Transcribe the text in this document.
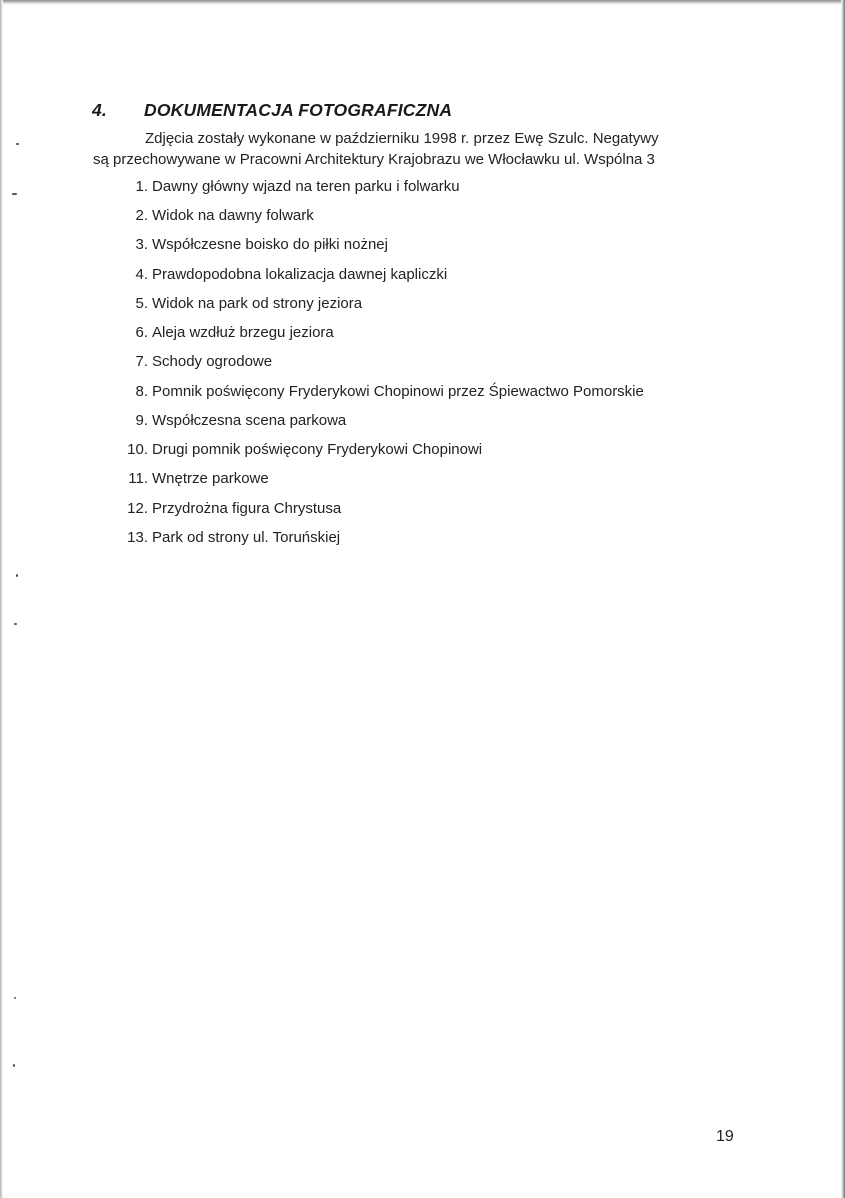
4. DOKUMENTACJA FOTOGRAFICZNA
Zdjęcia zostały wykonane w październiku 1998 r. przez Ewę Szulc. Negatywy
są przechowywane w Pracowni Architektury Krajobrazu we Włocławku ul. Wspólna 3
1. Dawny główny wjazd na teren parku i folwarku
2. Widok na dawny folwark
3. Współczesne boisko do piłki nożnej
4. Prawdopodobna lokalizacja dawnej kapliczki
5. Widok na park od strony jeziora
6. Aleja wzdłuż brzegu jeziora
7. Schody ogrodowe
8. Pomnik poświęcony Fryderykowi Chopinowi przez Śpiewactwo Pomorskie
9. Współczesna scena parkowa
10. Drugi pomnik poświęcony Fryderykowi Chopinowi
11. Wnętrze parkowe
12. Przydrożna figura Chrystusa
13. Park od strony ul. Toruńskiej
19
